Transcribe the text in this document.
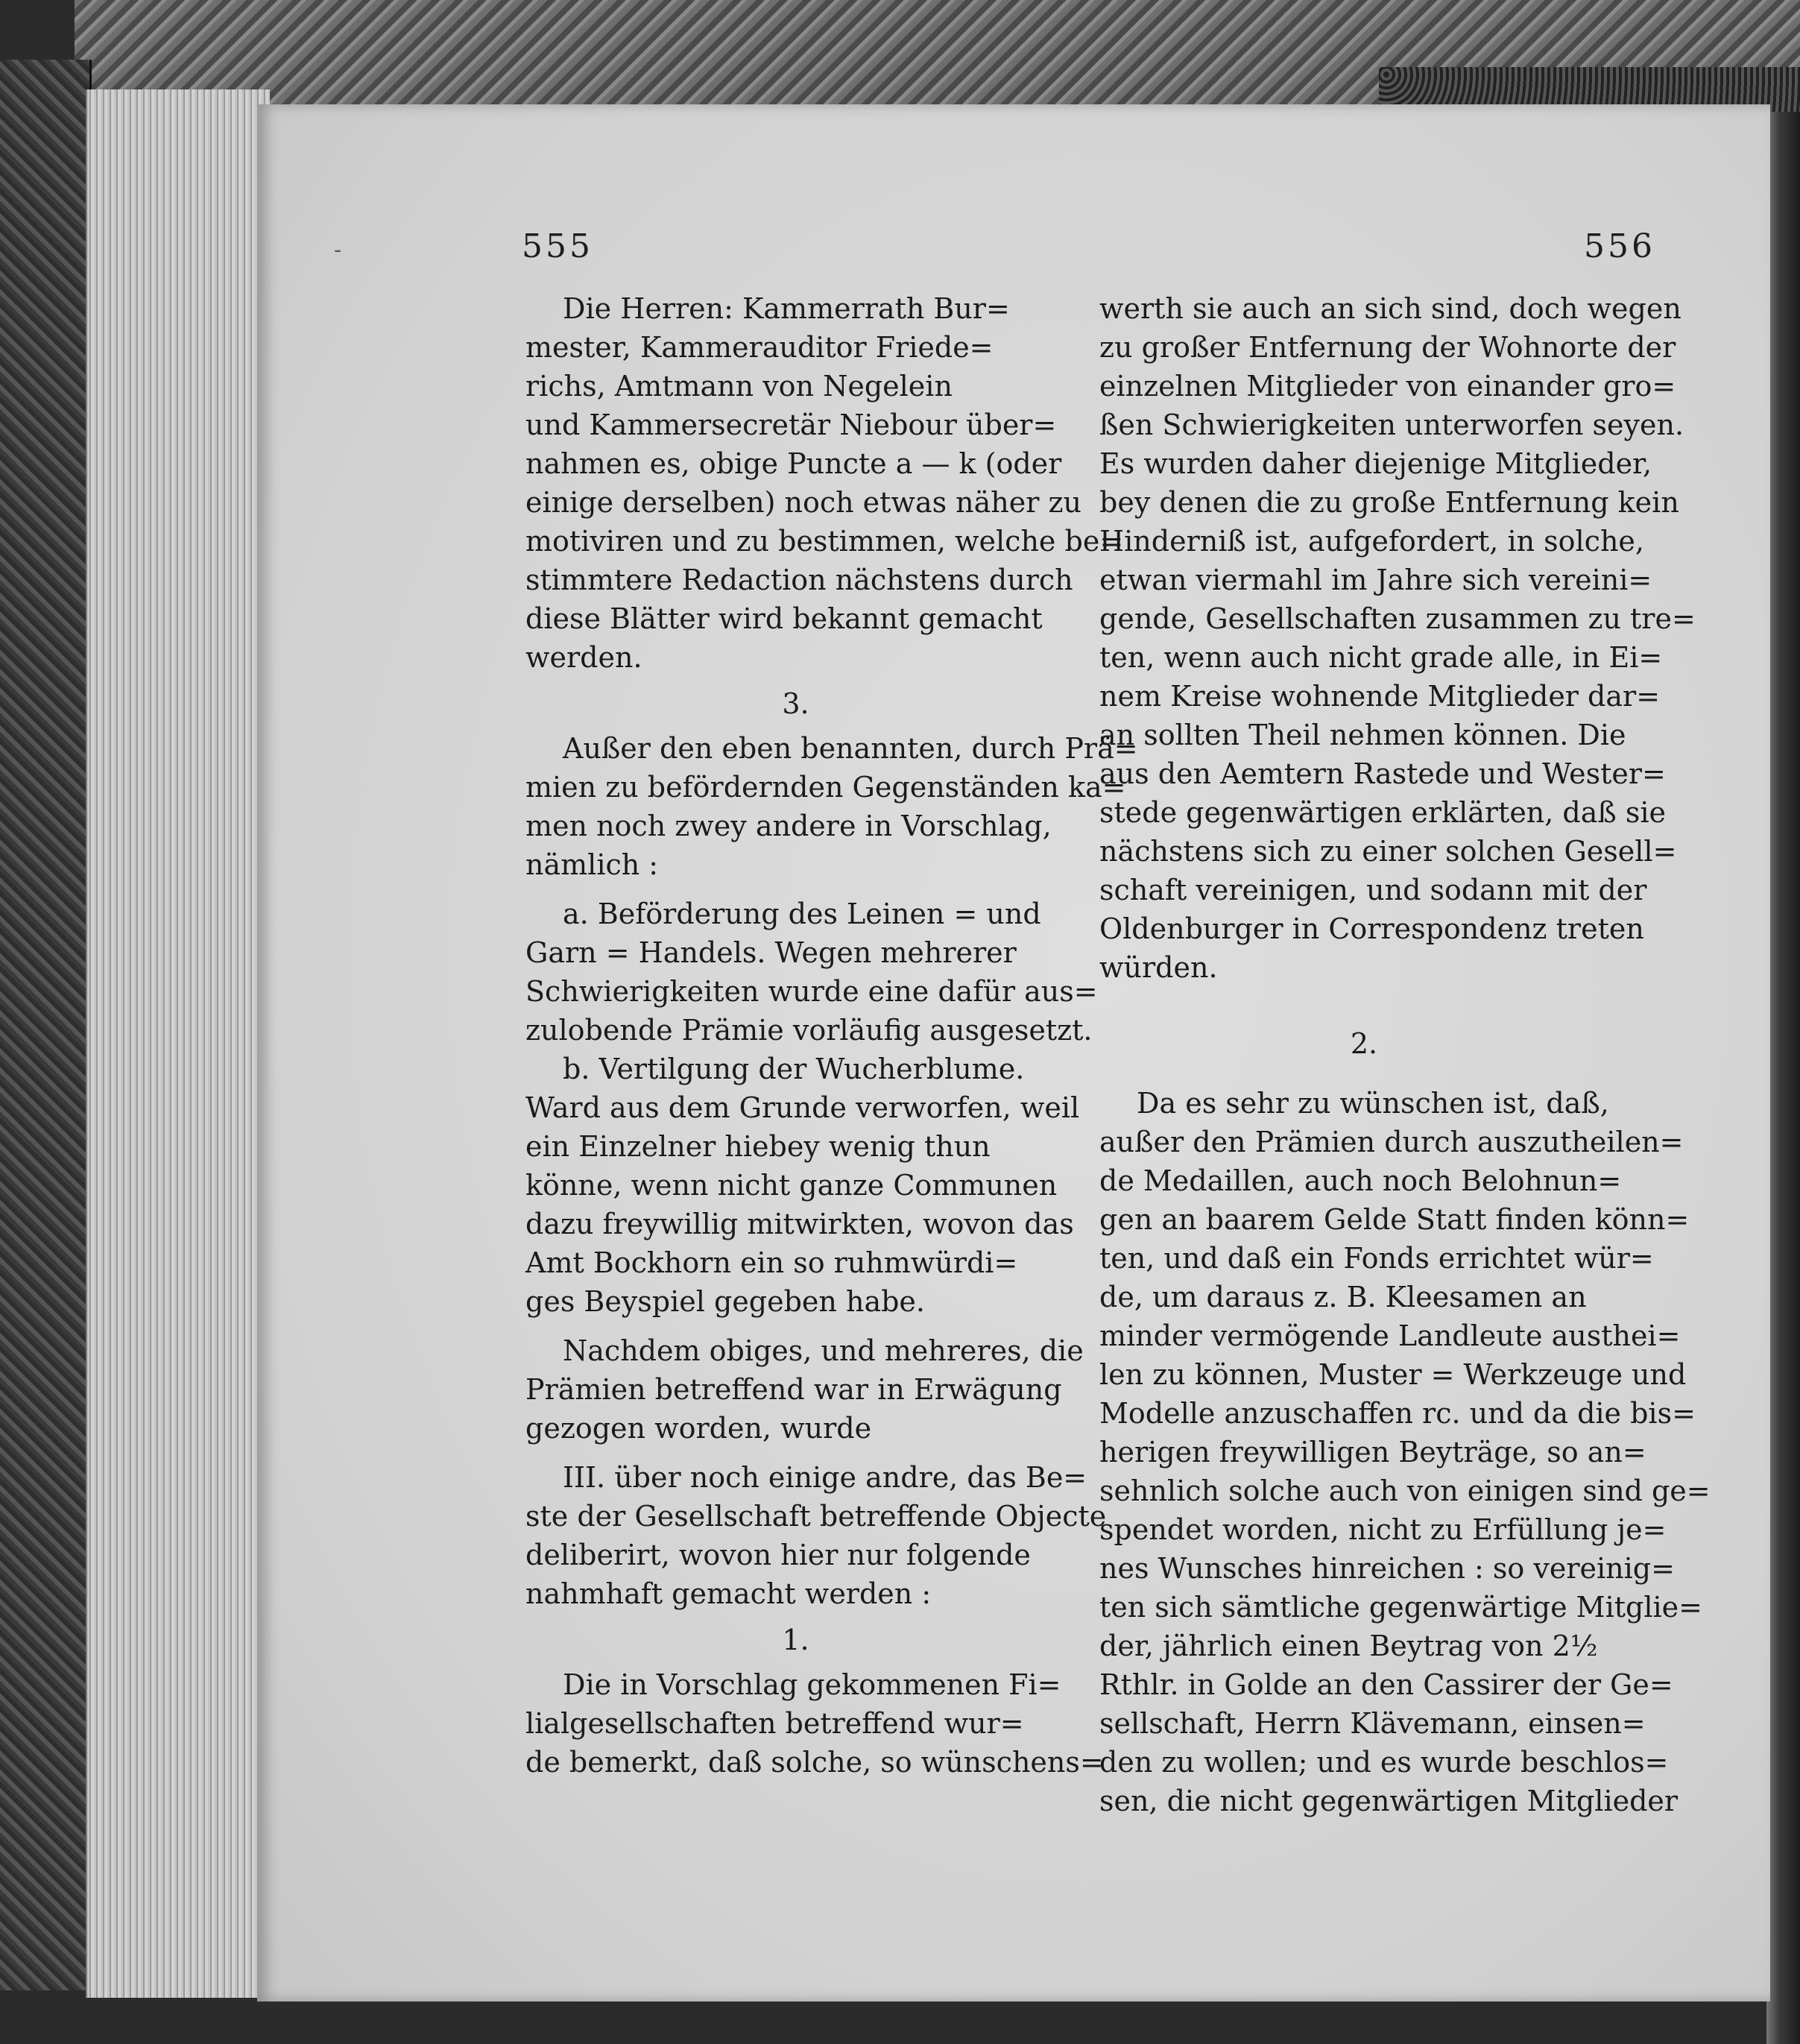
-	555	556
Die Herren: Kammerrath Bur=
mester, Kammerauditor Friede=
richs, Amtmann von Negelein
und Kammersecretär Niebour über=
nahmen es, obige Puncte a — k (oder
einige derselben) noch etwas näher zu
motiviren und zu bestimmen, welche be=
stimmtere Redaction nächstens durch
diese Blätter wird bekannt gemacht
werden.
3.
Außer den eben benannten, durch Prä=
mien zu befördernden Gegenständen ka=
men noch zwey andere in Vorschlag,
nämlich :
a. Beförderung des Leinen = und
Garn = Handels. Wegen mehrerer
Schwierigkeiten wurde eine dafür aus=
zulobende Prämie vorläufig ausgesetzt.
b. Vertilgung der Wucherblume.
Ward aus dem Grunde verworfen, weil
ein Einzelner hiebey wenig thun
könne, wenn nicht ganze Communen
dazu freywillig mitwirkten, wovon das
Amt Bockhorn ein so ruhmwürdi=
ges Beyspiel gegeben habe.
Nachdem obiges, und mehreres, die
Prämien betreffend war in Erwägung
gezogen worden, wurde
III. über noch einige andre, das Be=
ste der Gesellschaft betreffende Objecte
deliberirt, wovon hier nur folgende
nahmhaft gemacht werden :
1.
Die in Vorschlag gekommenen Fi=
lialgesellschaften betreffend wur=
de bemerkt, daß solche, so wünschens=
werth sie auch an sich sind, doch wegen
zu großer Entfernung der Wohnorte der
einzelnen Mitglieder von einander gro=
ßen Schwierigkeiten unterworfen seyen.
Es wurden daher diejenige Mitglieder,
bey denen die zu große Entfernung kein
Hinderniß ist, aufgefordert, in solche,
etwan viermahl im Jahre sich vereini=
gende, Gesellschaften zusammen zu tre=
ten, wenn auch nicht grade alle, in Ei=
nem Kreise wohnende Mitglieder dar=
an sollten Theil nehmen können. Die
aus den Aemtern Rastede und Wester=
stede gegenwärtigen erklärten, daß sie
nächstens sich zu einer solchen Gesell=
schaft vereinigen, und sodann mit der
Oldenburger in Correspondenz treten
würden.
2.
Da es sehr zu wünschen ist, daß,
außer den Prämien durch auszutheilen=
de Medaillen, auch noch Belohnun=
gen an baarem Gelde Statt finden könn=
ten, und daß ein Fonds errichtet wür=
de, um daraus z. B. Kleesamen an
minder vermögende Landleute austhei=
len zu können, Muster = Werkzeuge und
Modelle anzuschaffen rc. und da die bis=
herigen freywilligen Beyträge, so an=
sehnlich solche auch von einigen sind ge=
spendet worden, nicht zu Erfüllung je=
nes Wunsches hinreichen : so vereinig=
ten sich sämtliche gegenwärtige Mitglie=
der, jährlich einen Beytrag von 2½
Rthlr. in Golde an den Cassirer der Ge=
sellschaft, Herrn Klävemann, einsen=
den zu wollen; und es wurde beschlos=
sen, die nicht gegenwärtigen Mitglieder
